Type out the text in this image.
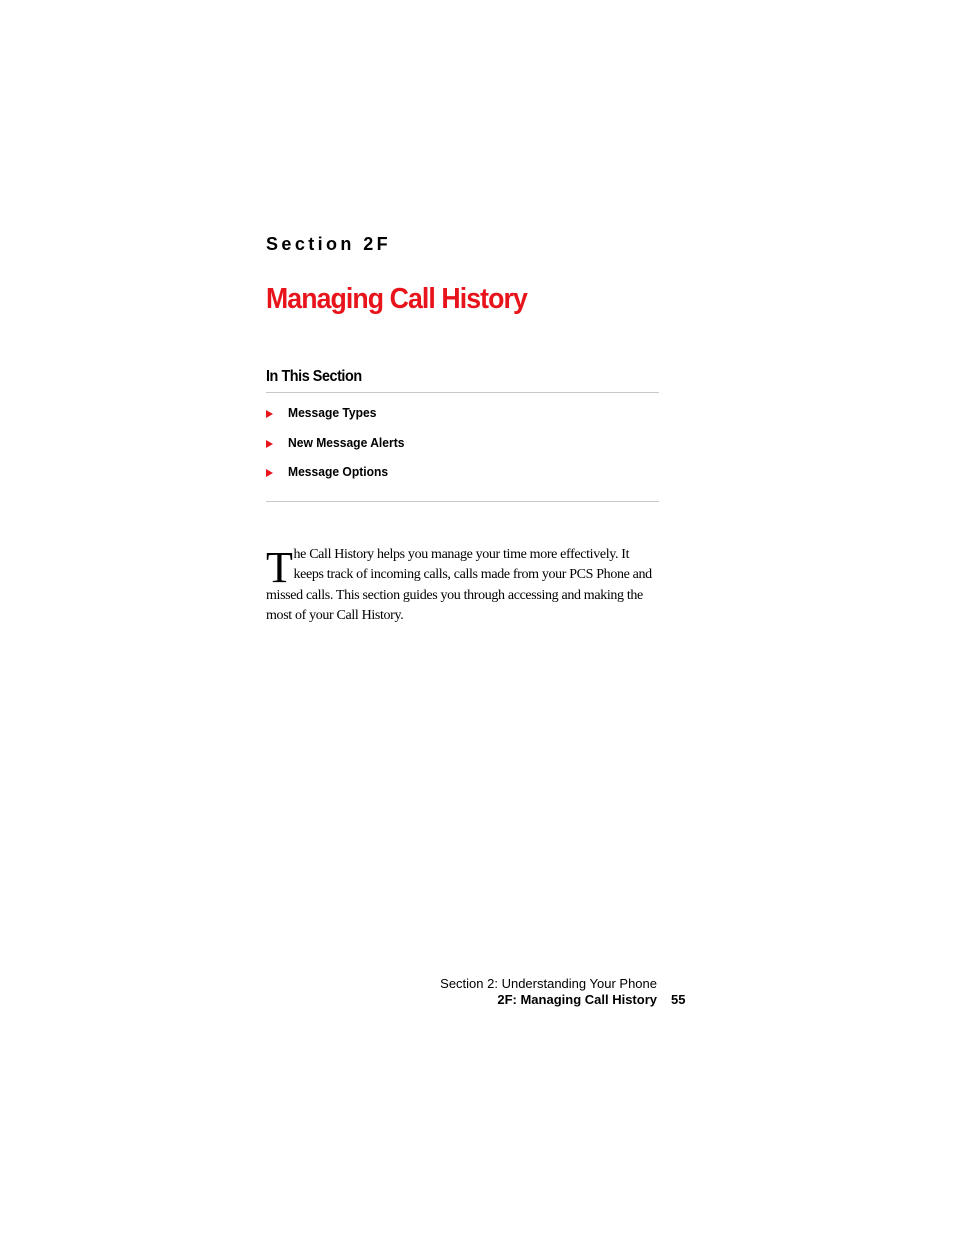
Section 2F
Managing Call History
In This Section
Message Types
New Message Alerts
Message Options

The Call History helps you manage your time more effectively. It keeps track of incoming calls, calls made from your PCS Phone and missed calls. This section guides you through accessing and making the most of your Call History.

Section 2: Understanding Your Phone
2F: Managing Call History 55
